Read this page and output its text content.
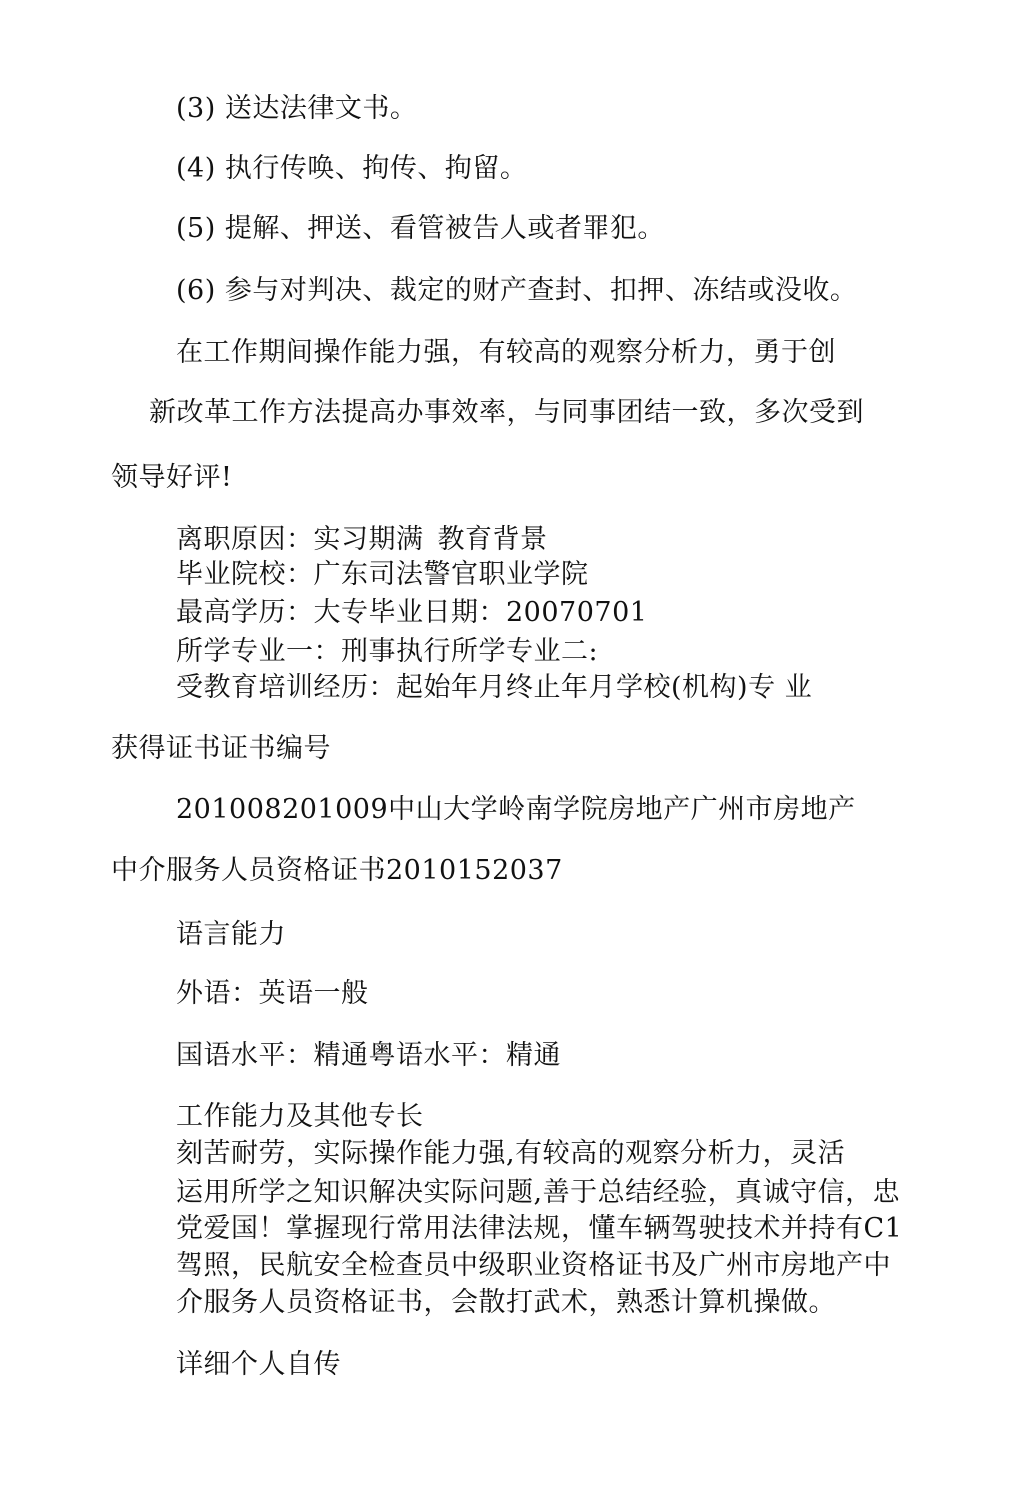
(3) 送达法律文书。
(4) 执行传唤、拘传、拘留。
(5) 提解、押送、看管被告人或者罪犯。
(6) 参与对判决、裁定的财产查封、扣押、冻结或没收。
在工作期间操作能力强，有较高的观察分析力，勇于创
新改革工作方法提高办事效率，与同事团结一致，多次受到
领导好评!
离职原因：实习期满 教育背景
毕业院校：广东司法警官职业学院
最高学历：大专毕业日期：20070701
所学专业一：刑事执行所学专业二:
受教育培训经历：起始年月终止年月学校(机构)专 业
获得证书证书编号
201008201009中山大学岭南学院房地产广州市房地产
中介服务人员资格证书2010152037
语言能力
外语：英语一般
国语水平：精通粤语水平：精通
工作能力及其他专长
刻苦耐劳，实际操作能力强,有较高的观察分析力，灵活
运用所学之知识解决实际问题,善于总结经验，真诚守信，忠
党爱国！掌握现行常用法律法规，懂车辆驾驶技术并持有C1
驾照，民航安全检查员中级职业资格证书及广州市房地产中
介服务人员资格证书，会散打武术，熟悉计算机操做。
详细个人自传
